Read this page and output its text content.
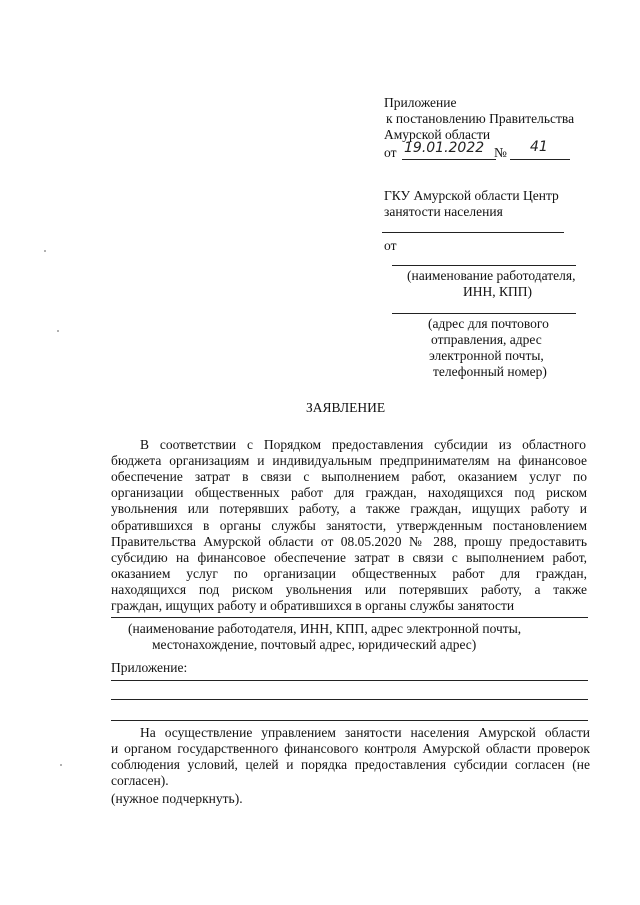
Приложение
к постановлению Правительства
Амурской области
от 19.01.2022 № 41
ГКУ Амурской области Центр
занятости населения
от
(наименование работодателя,
ИНН, КПП)
(адрес для почтового
отправления, адрес
электронной почты,
телефонный номер)
ЗАЯВЛЕНИЕ
В соответствии с Порядком предоставления субсидии из областного
бюджета организациям и индивидуальным предпринимателям на финансовое
обеспечение затрат в связи с выполнением работ, оказанием услуг по
организации общественных работ для граждан, находящихся под риском
увольнения или потерявших работу, а также граждан, ищущих работу и
обратившихся в органы службы занятости, утвержденным постановлением
Правительства Амурской области от 08.05.2020 № 288, прошу предоставить
субсидию на финансовое обеспечение затрат в связи с выполнением работ,
оказанием услуг по организации общественных работ для граждан,
находящихся под риском увольнения или потерявших работу, а также
граждан, ищущих работу и обратившихся в органы службы занятости
(наименование работодателя, ИНН, КПП, адрес электронной почты,
местонахождение, почтовый адрес, юридический адрес)
Приложение:
На осуществление управлением занятости населения Амурской области
и органом государственного финансового контроля Амурской области проверок
соблюдения условий, целей и порядка предоставления субсидии согласен (не
согласен).
(нужное подчеркнуть).
